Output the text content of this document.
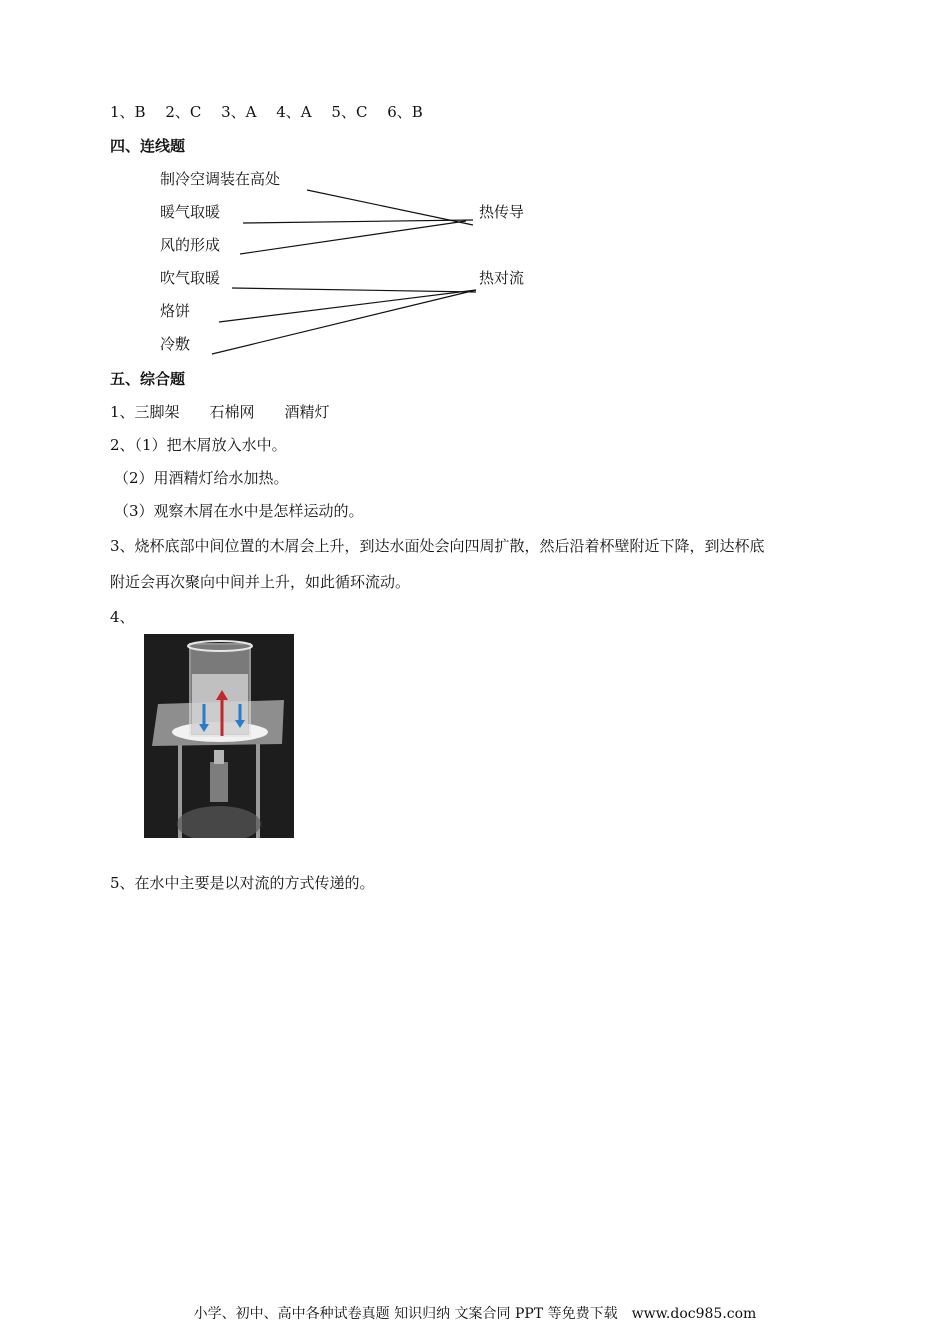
1、B　 2、C　 3、A　 4、A　 5、C　 6、B
四、连线题
制冷空调装在高处
暖气取暖
风的形成
吹气取暖
烙饼
冷敷
热传导
热对流
五、综合题
1、三脚架　　石棉网　　酒精灯
2、（1）把木屑放入水中。
（2）用酒精灯给水加热。
（3）观察木屑在水中是怎样运动的。
3、烧杯底部中间位置的木屑会上升，到达水面处会向四周扩散，然后沿着杯壁附近下降，到达杯底
附近会再次聚向中间并上升，如此循环流动。
4、
5、在水中主要是以对流的方式传递的。
小学、初中、高中各种试卷真题 知识归纳 文案合同 PPT 等免费下载　www.doc985.com
